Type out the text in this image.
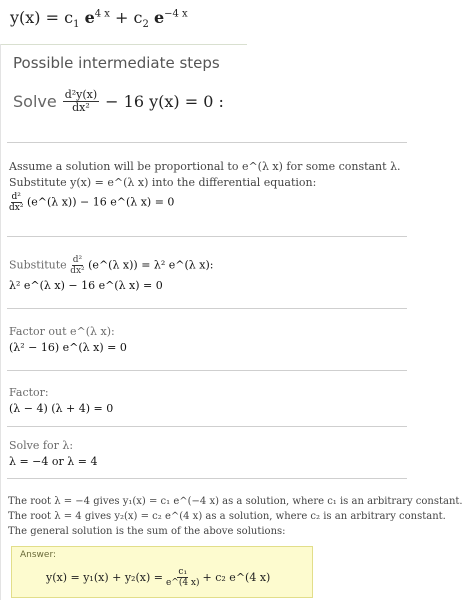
$y(x) = c_1$ $e^{4 x} + c_2$ $e^{-4 x}$
Possible intermediate steps
Solve $\frac{\text{d²y(x)}}{\text{dx²}} - 16$ y(x) = 0 :
Assume a solution will be proportional to e^(λ x) for some constant λ.
Substitute y(x) = e^(λ x) into the differential equation:
$\frac{\text{d²}}{\text{dx²}}$ (e^(λ x)) − 16 e^(λ x) = 0
Substitute $\frac{\text{d²}}{\text{dx²}}$ (e^(λ x)) = λ² e^(λ x):
λ² e^(λ x) − 16 e^(λ x) = 0
Factor out e^(λ x):
(λ² − 16) e^(λ x) = 0
Factor:
(λ − 4) (λ + 4) = 0
Solve for λ:
λ = −4 or λ = 4
The root λ = −4 gives y₁(x) = c₁ e^(−4 x) as a solution, where c₁ is an arbitrary constant.
The root λ = 4 gives y₂(x) = c₂ e^(4 x) as a solution, where c₂ is an arbitrary constant.
The general solution is the sum of the above solutions:
Answer:
$y(x) = y_1(x) + y_2(x) = \frac{\text{c₁}}{e\^{}(4 x)} + c_2$ e^(4 x)
